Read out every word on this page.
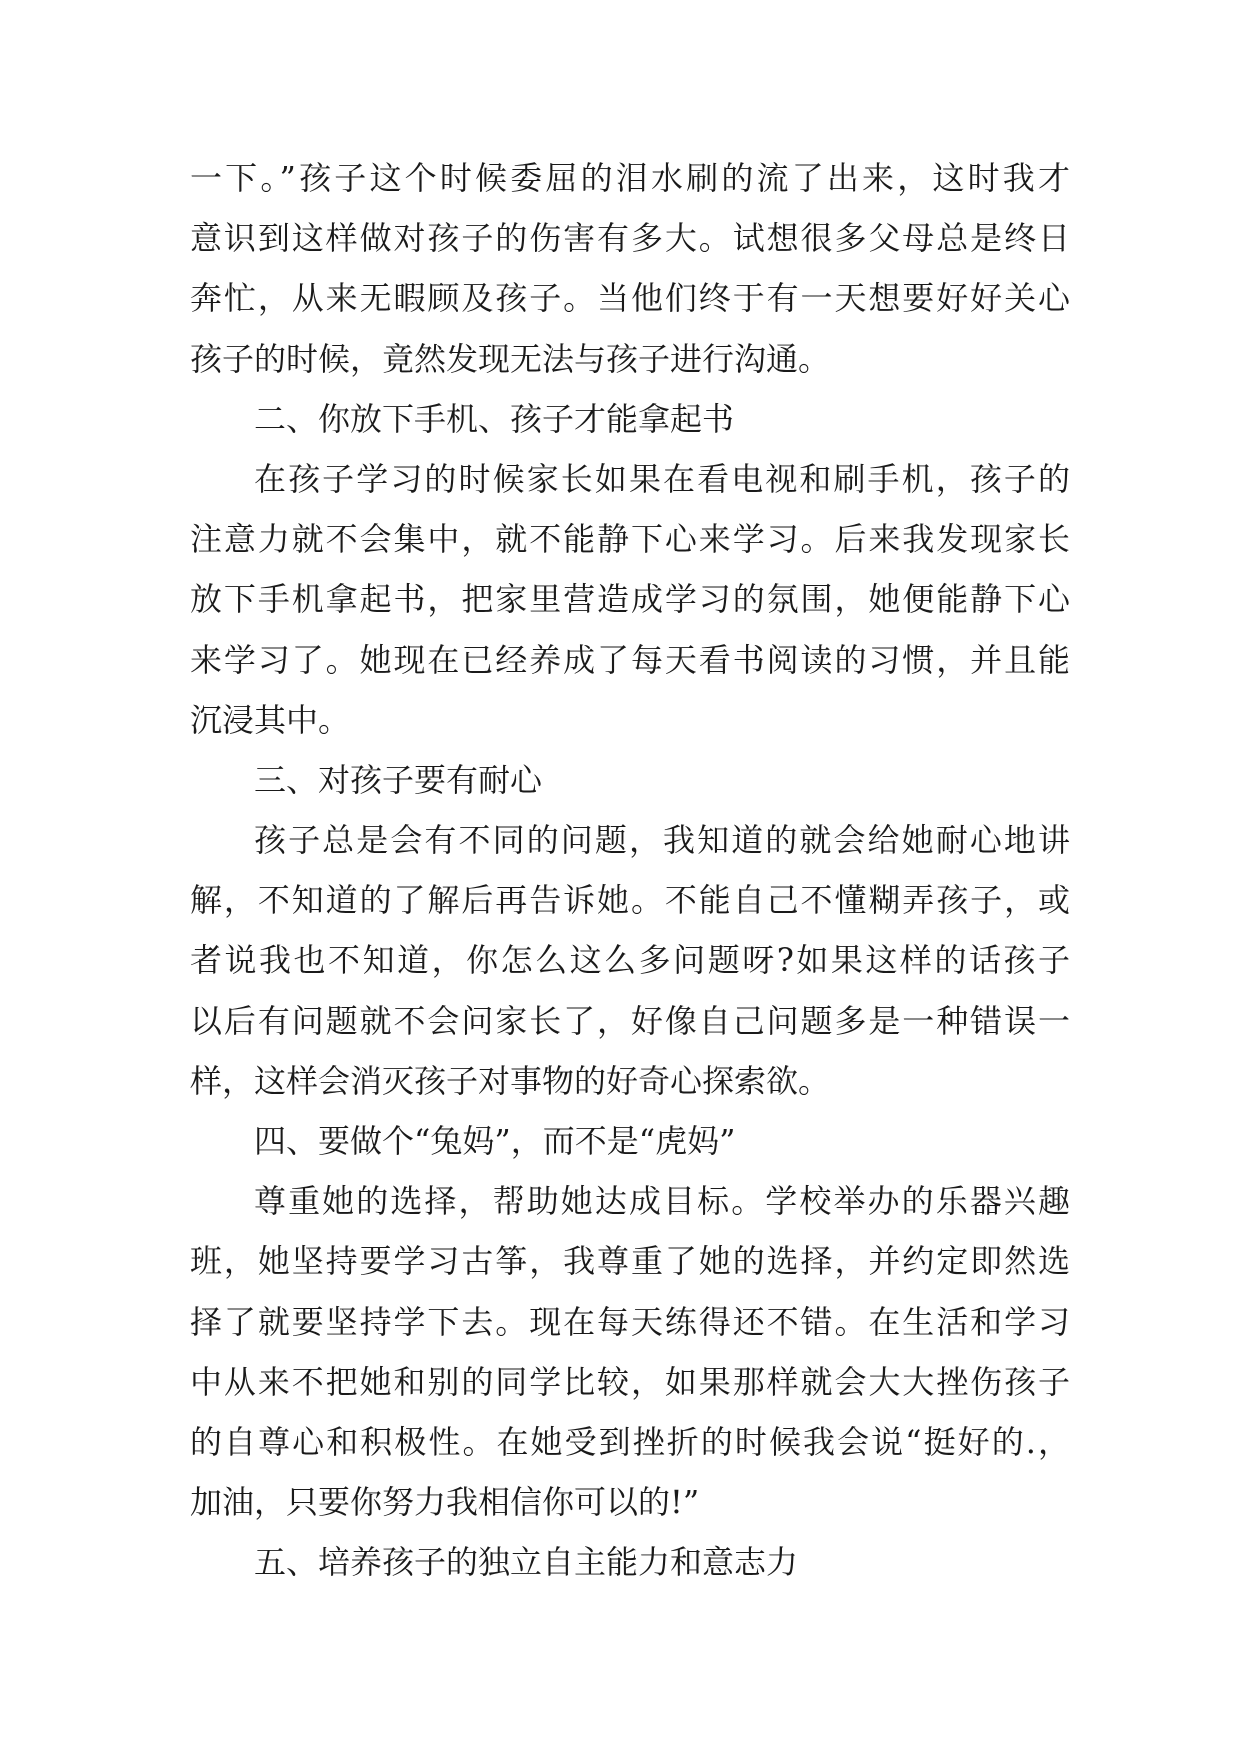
一下。”孩子这个时候委屈的泪水刷的流了出来，这时我才
意识到这样做对孩子的伤害有多大。试想很多父母总是终日
奔忙，从来无暇顾及孩子。当他们终于有一天想要好好关心
孩子的时候，竟然发现无法与孩子进行沟通。
二、你放下手机、孩子才能拿起书
在孩子学习的时候家长如果在看电视和刷手机，孩子的
注意力就不会集中，就不能静下心来学习。后来我发现家长
放下手机拿起书，把家里营造成学习的氛围，她便能静下心
来学习了。她现在已经养成了每天看书阅读的习惯，并且能
沉浸其中。
三、对孩子要有耐心
孩子总是会有不同的问题，我知道的就会给她耐心地讲
解，不知道的了解后再告诉她。不能自己不懂糊弄孩子，或
者说我也不知道，你怎么这么多问题呀?如果这样的话孩子
以后有问题就不会问家长了，好像自己问题多是一种错误一
样，这样会消灭孩子对事物的好奇心探索欲。
四、要做个“兔妈”，而不是“虎妈”
尊重她的选择，帮助她达成目标。学校举办的乐器兴趣
班，她坚持要学习古筝，我尊重了她的选择，并约定即然选
择了就要坚持学下去。现在每天练得还不错。在生活和学习
中从来不把她和别的同学比较，如果那样就会大大挫伤孩子
的自尊心和积极性。在她受到挫折的时候我会说“挺好的.，
加油，只要你努力我相信你可以的!”
五、培养孩子的独立自主能力和意志力
